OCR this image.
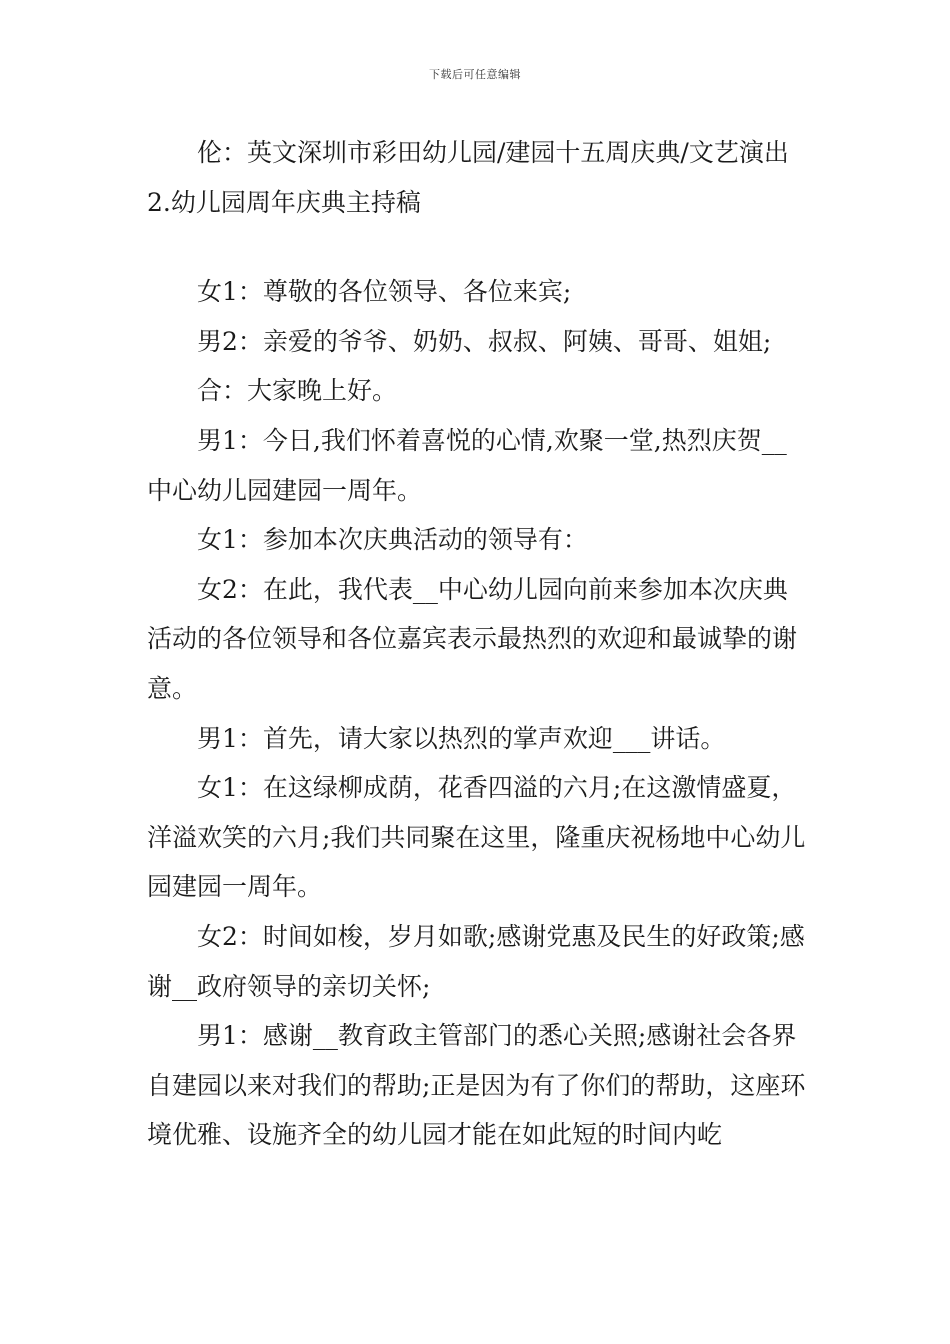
下载后可任意编辑

伦：英文深圳市彩田幼儿园/建园十五周庆典/文艺演出

2.幼儿园周年庆典主持稿

女1：尊敬的各位领导、各位来宾;

男2：亲爱的爷爷、奶奶、叔叔、阿姨、哥哥、姐姐;

合：大家晚上好。

男1：今日,我们怀着喜悦的心情,欢聚一堂,热烈庆贺__中心幼儿园建园一周年。

女1：参加本次庆典活动的领导有：

女2：在此，我代表__中心幼儿园向前来参加本次庆典活动的各位领导和各位嘉宾表示最热烈的欢迎和最诚挚的谢意。

男1：首先，请大家以热烈的掌声欢迎___讲话。

女1：在这绿柳成荫，花香四溢的六月;在这激情盛夏，洋溢欢笑的六月;我们共同聚在这里，隆重庆祝杨地中心幼儿园建园一周年。

女2：时间如梭，岁月如歌;感谢党惠及民生的好政策;感谢__政府领导的亲切关怀;

男1：感谢__教育政主管部门的悉心关照;感谢社会各界自建园以来对我们的帮助;正是因为有了你们的帮助，这座环境优雅、设施齐全的幼儿园才能在如此短的时间内屹
